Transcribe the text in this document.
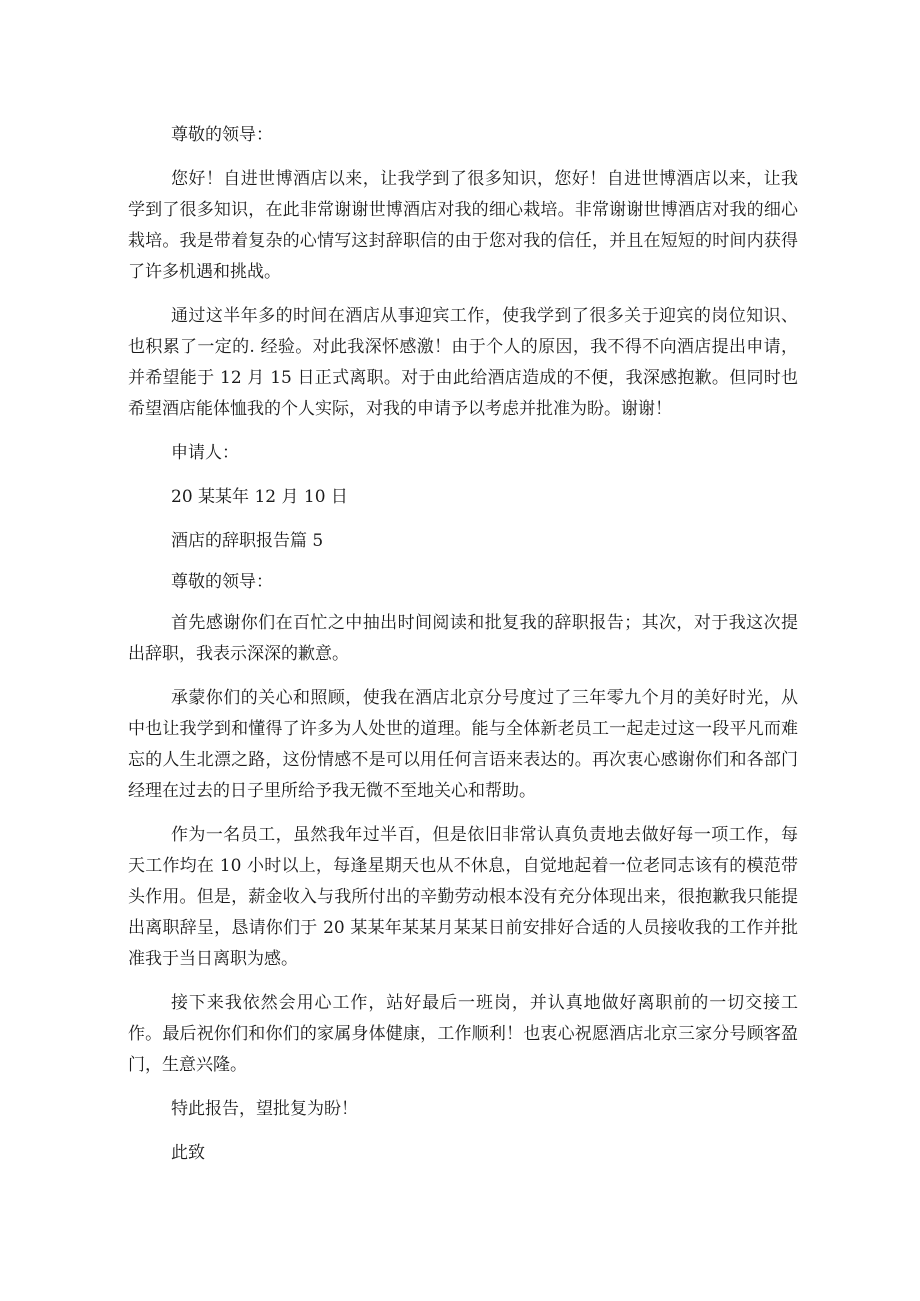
尊敬的领导：

您好！自进世博酒店以来，让我学到了很多知识，您好！自进世博酒店以来，让我学到了很多知识，在此非常谢谢世博酒店对我的细心栽培。非常谢谢世博酒店对我的细心栽培。我是带着复杂的心情写这封辞职信的由于您对我的信任，并且在短短的时间内获得了许多机遇和挑战。

通过这半年多的时间在酒店从事迎宾工作，使我学到了很多关于迎宾的岗位知识、也积累了一定的. 经验。对此我深怀感激！由于个人的原因，我不得不向酒店提出申请，并希望能于 12 月 15 日正式离职。对于由此给酒店造成的不便，我深感抱歉。但同时也希望酒店能体恤我的个人实际，对我的申请予以考虑并批准为盼。谢谢！

申请人：

20 某某年 12 月 10 日

酒店的辞职报告篇 5

尊敬的领导：

首先感谢你们在百忙之中抽出时间阅读和批复我的辞职报告；其次，对于我这次提出辞职，我表示深深的歉意。

承蒙你们的关心和照顾，使我在酒店北京分号度过了三年零九个月的美好时光，从中也让我学到和懂得了许多为人处世的道理。能与全体新老员工一起走过这一段平凡而难忘的人生北漂之路，这份情感不是可以用任何言语来表达的。再次衷心感谢你们和各部门经理在过去的日子里所给予我无微不至地关心和帮助。

作为一名员工，虽然我年过半百，但是依旧非常认真负责地去做好每一项工作，每天工作均在 10 小时以上，每逢星期天也从不休息，自觉地起着一位老同志该有的模范带头作用。但是，薪金收入与我所付出的辛勤劳动根本没有充分体现出来，很抱歉我只能提出离职辞呈，恳请你们于 20 某某年某某月某某日前安排好合适的人员接收我的工作并批准我于当日离职为感。

接下来我依然会用心工作，站好最后一班岗，并认真地做好离职前的一切交接工作。最后祝你们和你们的家属身体健康，工作顺利！也衷心祝愿酒店北京三家分号顾客盈门，生意兴隆。

特此报告，望批复为盼！

此致
